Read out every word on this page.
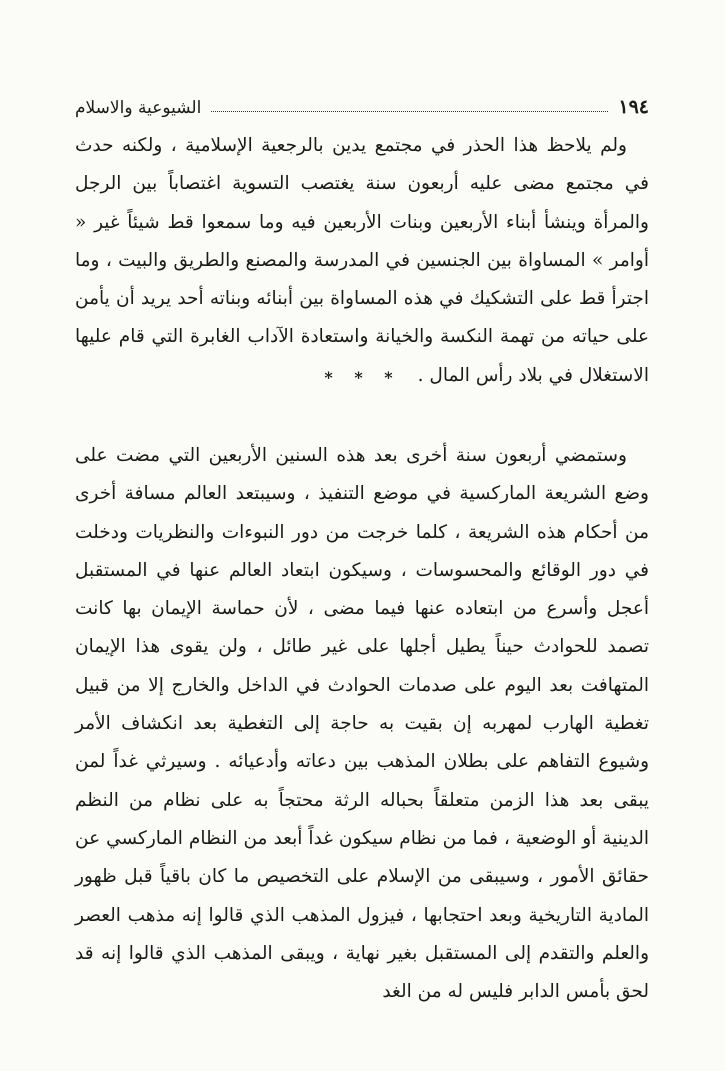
١٩٤
الشيوعية والاسلام

ولم يلاحظ هذا الحذر في مجتمع يدين بالرجعية الإسلامية ، ولكنه حدث في مجتمع مضى عليه أربعون سنة يغتصب التسوية اغتصاباً بين الرجل والمرأة وينشأ أبناء الأربعين وبنات الأربعين فيه وما سمعوا قط شيئاً غير « أوامر » المساواة بين الجنسين في المدرسة والمصنع والطريق والبيت ، وما اجترأ قط على التشكيك في هذه المساواة بين أبنائه وبناته أحد يريد أن يأمن على حياته من تهمة النكسة والخيانة واستعادة الآداب الغابرة التي قام عليها الاستغلال في بلاد رأس المال .

* * *

وستمضي أربعون سنة أخرى بعد هذه السنين الأربعين التي مضت على وضع الشريعة الماركسية في موضع التنفيذ ، وسيبتعد العالم مسافة أخرى من أحكام هذه الشريعة ، كلما خرجت من دور النبوءات والنظريات ودخلت في دور الوقائع والمحسوسات ، وسيكون ابتعاد العالم عنها في المستقبل أعجل وأسرع من ابتعاده عنها فيما مضى ، لأن حماسة الإيمان بها كانت تصمد للحوادث حيناً يطيل أجلها على غير طائل ، ولن يقوى هذا الإيمان المتهافت بعد اليوم على صدمات الحوادث في الداخل والخارج إلا من قبيل تغطية الهارب لمهربه إن بقيت به حاجة إلى التغطية بعد انكشاف الأمر وشيوع التفاهم على بطلان المذهب بين دعاته وأدعيائه . وسيرثي غداً لمن يبقى بعد هذا الزمن متعلقاً بحباله الرثة محتجاً به على نظام من النظم الدينية أو الوضعية ، فما من نظام سيكون غداً أبعد من النظام الماركسي عن حقائق الأمور ، وسيبقى من الإسلام على التخصيص ما كان باقياً قبل ظهور المادية التاريخية وبعد احتجابها ، فيزول المذهب الذي قالوا إنه مذهب العصر والعلم والتقدم إلى المستقبل بغير نهاية ، ويبقى المذهب الذي قالوا إنه قد لحق بأمس الدابر فليس له من الغد
